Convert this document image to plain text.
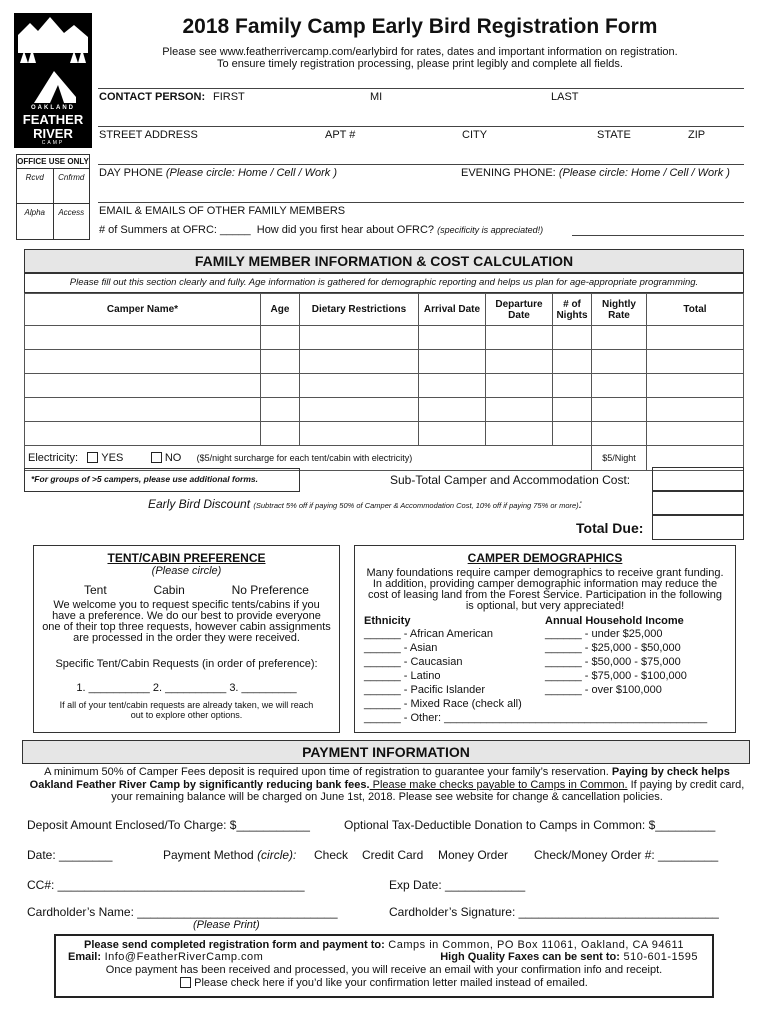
OAKLAND
FEATHER
RIVER
CAMP
OFFICE USE ONLY
Rcvd	Cnfrmd
Alpha	Access
2018 Family Camp Early Bird Registration Form
Please see www.featherrivercamp.com/earlybird for rates, dates and important information on registration.
To ensure timely registration processing, please print legibly and complete all fields.
CONTACT PERSON: FIRST	MI	LAST
STREET ADDRESS	APT #	CITY	STATE	ZIP
DAY PHONE (Please circle: Home / Cell / Work )	EVENING PHONE: (Please circle: Home / Cell / Work )
EMAIL & EMAILS OF OTHER FAMILY MEMBERS
# of Summers at OFRC: _____ How did you first hear about OFRC? (specificity is appreciated!)
FAMILY MEMBER INFORMATION & COST CALCULATION
Please fill out this section clearly and fully. Age information is gathered for demographic reporting and helps us plan for age-appropriate programming.
Camper Name*	Age	Dietary Restrictions	Arrival Date	Departure Date	# of Nights	Nightly Rate	Total

Electricity: YES NO ($5/night surcharge for each tent/cabin with electricity)						$5/Night	
*For groups of >5 campers, please use additional forms.	Sub-Total Camper and Accommodation Cost:
Early Bird Discount (Subtract 5% off if paying 50% of Camper & Accommodation Cost, 10% off if paying 75% or more):
Total Due:
TENT/CABIN PREFERENCE
(Please circle)
Tent	Cabin	No Preference
We welcome you to request specific tents/cabins if you have a preference. We do our best to provide everyone one of their top three requests, however cabin assignments are processed in the order they were received.
Specific Tent/Cabin Requests (in order of preference):
1. __________ 2. __________ 3. _________
If all of your tent/cabin requests are already taken, we will reach out to explore other options.
CAMPER DEMOGRAPHICS
Many foundations require camper demographics to receive grant funding. In addition, providing camper demographic information may reduce the cost of leasing land from the Forest Service. Participation in the following is optional, but very appreciated!
Ethnicity
______ - African American
______ - Asian
______ - Caucasian
______ - Latino
______ - Pacific Islander
______ - Mixed Race (check all)
______ - Other: ___________________________________________
Annual Household Income
______ - under $25,000
______ - $25,000 - $50,000
______ - $50,000 - $75,000
______ - $75,000 - $100,000
______ - over $100,000
PAYMENT INFORMATION
A minimum 50% of Camper Fees deposit is required upon time of registration to guarantee your family’s reservation. Paying by check helps Oakland Feather River Camp by significantly reducing bank fees. Please make checks payable to Camps in Common. If paying by credit card, your remaining balance will be charged on June 1st, 2018. Please see website for change & cancellation policies.
Deposit Amount Enclosed/To Charge: $___________	Optional Tax-Deductible Donation to Camps in Common: $_________
Date: ________	Payment Method (circle): Check Credit Card Money Order Check/Money Order #: _________
CC#: _____________________________________	Exp Date: ____________
Cardholder’s Name: ______________________________
(Please Print)
Cardholder’s Signature: ______________________________
Please send completed registration form and payment to: Camps in Common, PO Box 11061, Oakland, CA 94611
Email: Info@FeatherRiverCamp.com	High Quality Faxes can be sent to: 510-601-1595
Once payment has been received and processed, you will receive an email with your confirmation info and receipt.
Please check here if you’d like your confirmation letter mailed instead of emailed.
